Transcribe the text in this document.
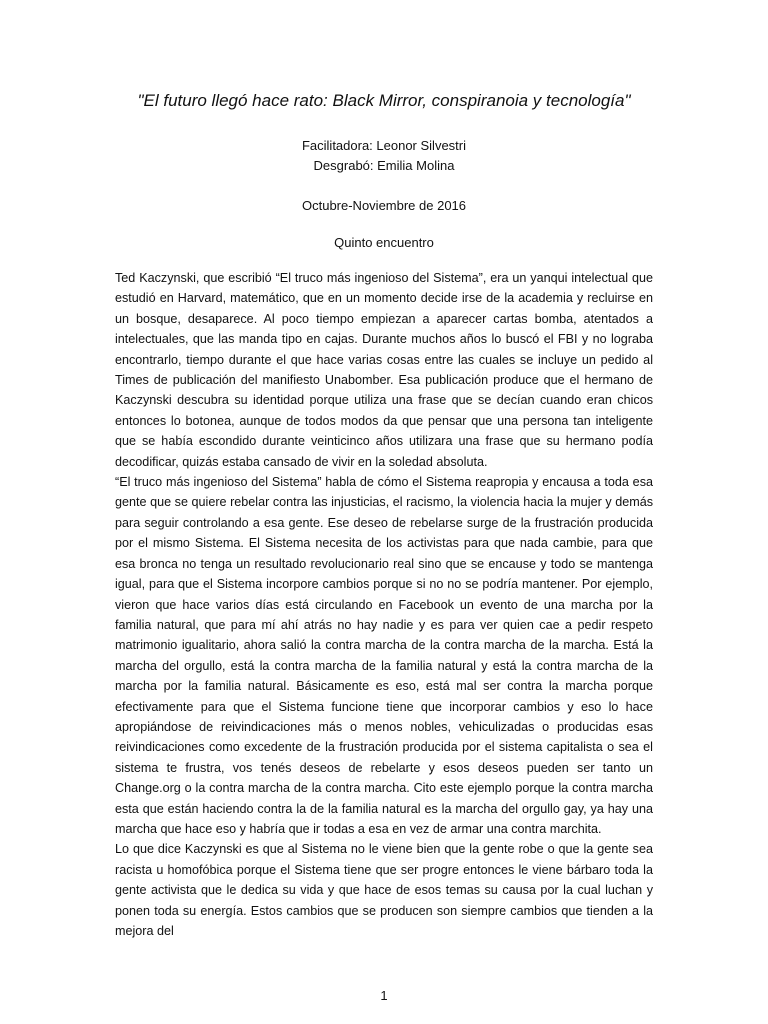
"El futuro llegó hace rato: Black Mirror, conspiranoia y tecnología"
Facilitadora: Leonor Silvestri
Desgrabó: Emilia Molina
Octubre-Noviembre de 2016
Quinto encuentro

Ted Kaczynski, que escribió “El truco más ingenioso del Sistema”, era un yanqui intelectual que estudió en Harvard, matemático, que en un momento decide irse de la academia y recluirse en un bosque, desaparece. Al poco tiempo empiezan a aparecer cartas bomba, atentados a intelectuales, que las manda tipo en cajas. Durante muchos años lo buscó el FBI y no lograba encontrarlo, tiempo durante el que hace varias cosas entre las cuales se incluye un pedido al Times de publicación del manifiesto Unabomber. Esa publicación produce que el hermano de Kaczynski descubra su identidad porque utiliza una frase que se decían cuando eran chicos entonces lo botonea, aunque de todos modos da que pensar que una persona tan inteligente que se había escondido durante veinticinco años utilizara una frase que su hermano podía decodificar, quizás estaba cansado de vivir en la soledad absoluta.

“El truco más ingenioso del Sistema” habla de cómo el Sistema reapropia y encausa a toda esa gente que se quiere rebelar contra las injusticias, el racismo, la violencia hacia la mujer y demás para seguir controlando a esa gente. Ese deseo de rebelarse surge de la frustración producida por el mismo Sistema. El Sistema necesita de los activistas para que nada cambie, para que esa bronca no tenga un resultado revolucionario real sino que se encause y todo se mantenga igual, para que el Sistema incorpore cambios porque si no no se podría mantener. Por ejemplo, vieron que hace varios días está circulando en Facebook un evento de una marcha por la familia natural, que para mí ahí atrás no hay nadie y es para ver quien cae a pedir respeto matrimonio igualitario, ahora salió la contra marcha de la contra marcha de la marcha. Está la marcha del orgullo, está la contra marcha de la familia natural y está la contra marcha de la marcha por la familia natural. Básicamente es eso, está mal ser contra la marcha porque efectivamente para que el Sistema funcione tiene que incorporar cambios y eso lo hace apropiándose de reivindicaciones más o menos nobles, vehiculizadas o producidas esas reivindicaciones como excedente de la frustración producida por el sistema capitalista o sea el sistema te frustra, vos tenés deseos de rebelarte y esos deseos pueden ser tanto un Change.org o la contra marcha de la contra marcha. Cito este ejemplo porque la contra marcha esta que están haciendo contra la de la familia natural es la marcha del orgullo gay, ya hay una marcha que hace eso y habría que ir todas a esa en vez de armar una contra marchita.

Lo que dice Kaczynski es que al Sistema no le viene bien que la gente robe o que la gente sea racista u homofóbica porque el Sistema tiene que ser progre entonces le viene bárbaro toda la gente activista que le dedica su vida y que hace de esos temas su causa por la cual luchan y ponen toda su energía. Estos cambios que se producen son siempre cambios que tienden a la mejora del

1
